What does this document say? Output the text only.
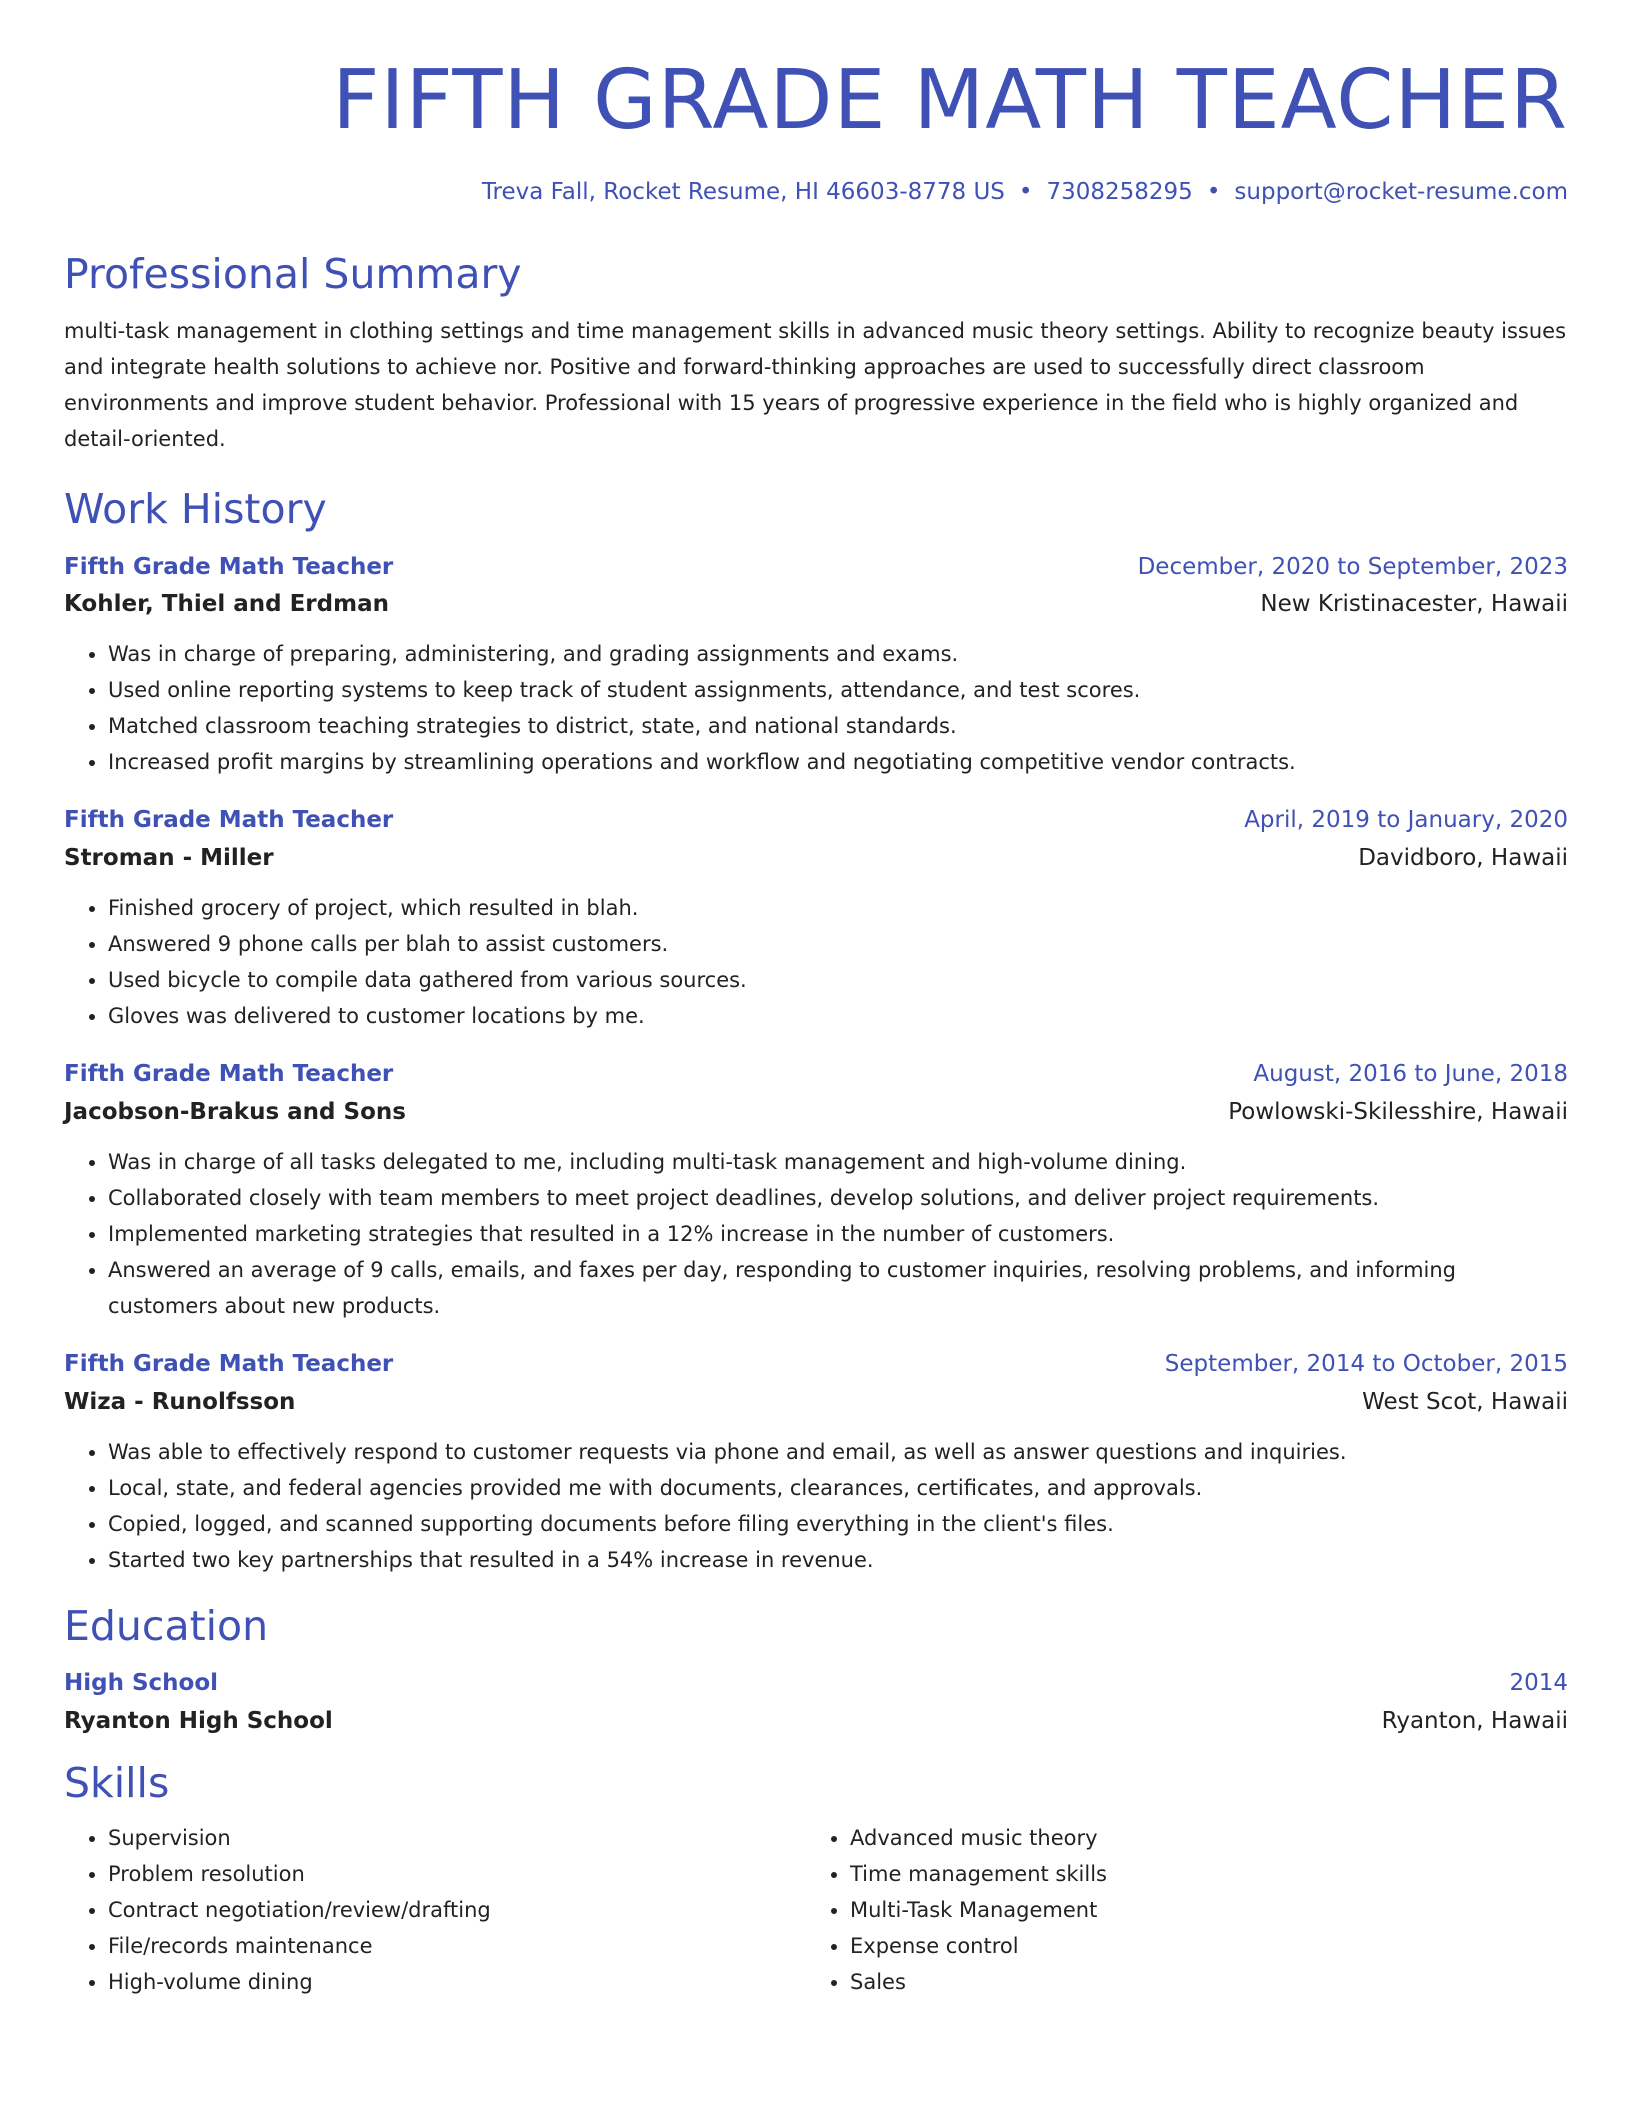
FIFTH GRADE MATH TEACHER
Treva Fall, Rocket Resume, HI 46603-8778 US • 7308258295 • support@rocket-resume.com
Professional Summary
multi-task management in clothing settings and time management skills in advanced music theory settings. Ability to recognize beauty issues and integrate health solutions to achieve nor. Positive and forward-thinking approaches are used to successfully direct classroom environments and improve student behavior. Professional with 15 years of progressive experience in the field who is highly organized and detail-oriented.
Work History
Fifth Grade Math Teacher	December, 2020 to September, 2023
Kohler, Thiel and Erdman	New Kristinacester, Hawaii
• Was in charge of preparing, administering, and grading assignments and exams.
• Used online reporting systems to keep track of student assignments, attendance, and test scores.
• Matched classroom teaching strategies to district, state, and national standards.
• Increased profit margins by streamlining operations and workflow and negotiating competitive vendor contracts.
Fifth Grade Math Teacher	April, 2019 to January, 2020
Stroman - Miller	Davidboro, Hawaii
• Finished grocery of project, which resulted in blah.
• Answered 9 phone calls per blah to assist customers.
• Used bicycle to compile data gathered from various sources.
• Gloves was delivered to customer locations by me.
Fifth Grade Math Teacher	August, 2016 to June, 2018
Jacobson-Brakus and Sons	Powlowski-Skilesshire, Hawaii
• Was in charge of all tasks delegated to me, including multi-task management and high-volume dining.
• Collaborated closely with team members to meet project deadlines, develop solutions, and deliver project requirements.
• Implemented marketing strategies that resulted in a 12% increase in the number of customers.
• Answered an average of 9 calls, emails, and faxes per day, responding to customer inquiries, resolving problems, and informing customers about new products.
Fifth Grade Math Teacher	September, 2014 to October, 2015
Wiza - Runolfsson	West Scot, Hawaii
• Was able to effectively respond to customer requests via phone and email, as well as answer questions and inquiries.
• Local, state, and federal agencies provided me with documents, clearances, certificates, and approvals.
• Copied, logged, and scanned supporting documents before filing everything in the client's files.
• Started two key partnerships that resulted in a 54% increase in revenue.
Education
High School	2014
Ryanton High School	Ryanton, Hawaii
Skills
• Supervision
• Problem resolution
• Contract negotiation/review/drafting
• File/records maintenance
• High-volume dining
• Advanced music theory
• Time management skills
• Multi-Task Management
• Expense control
• Sales
